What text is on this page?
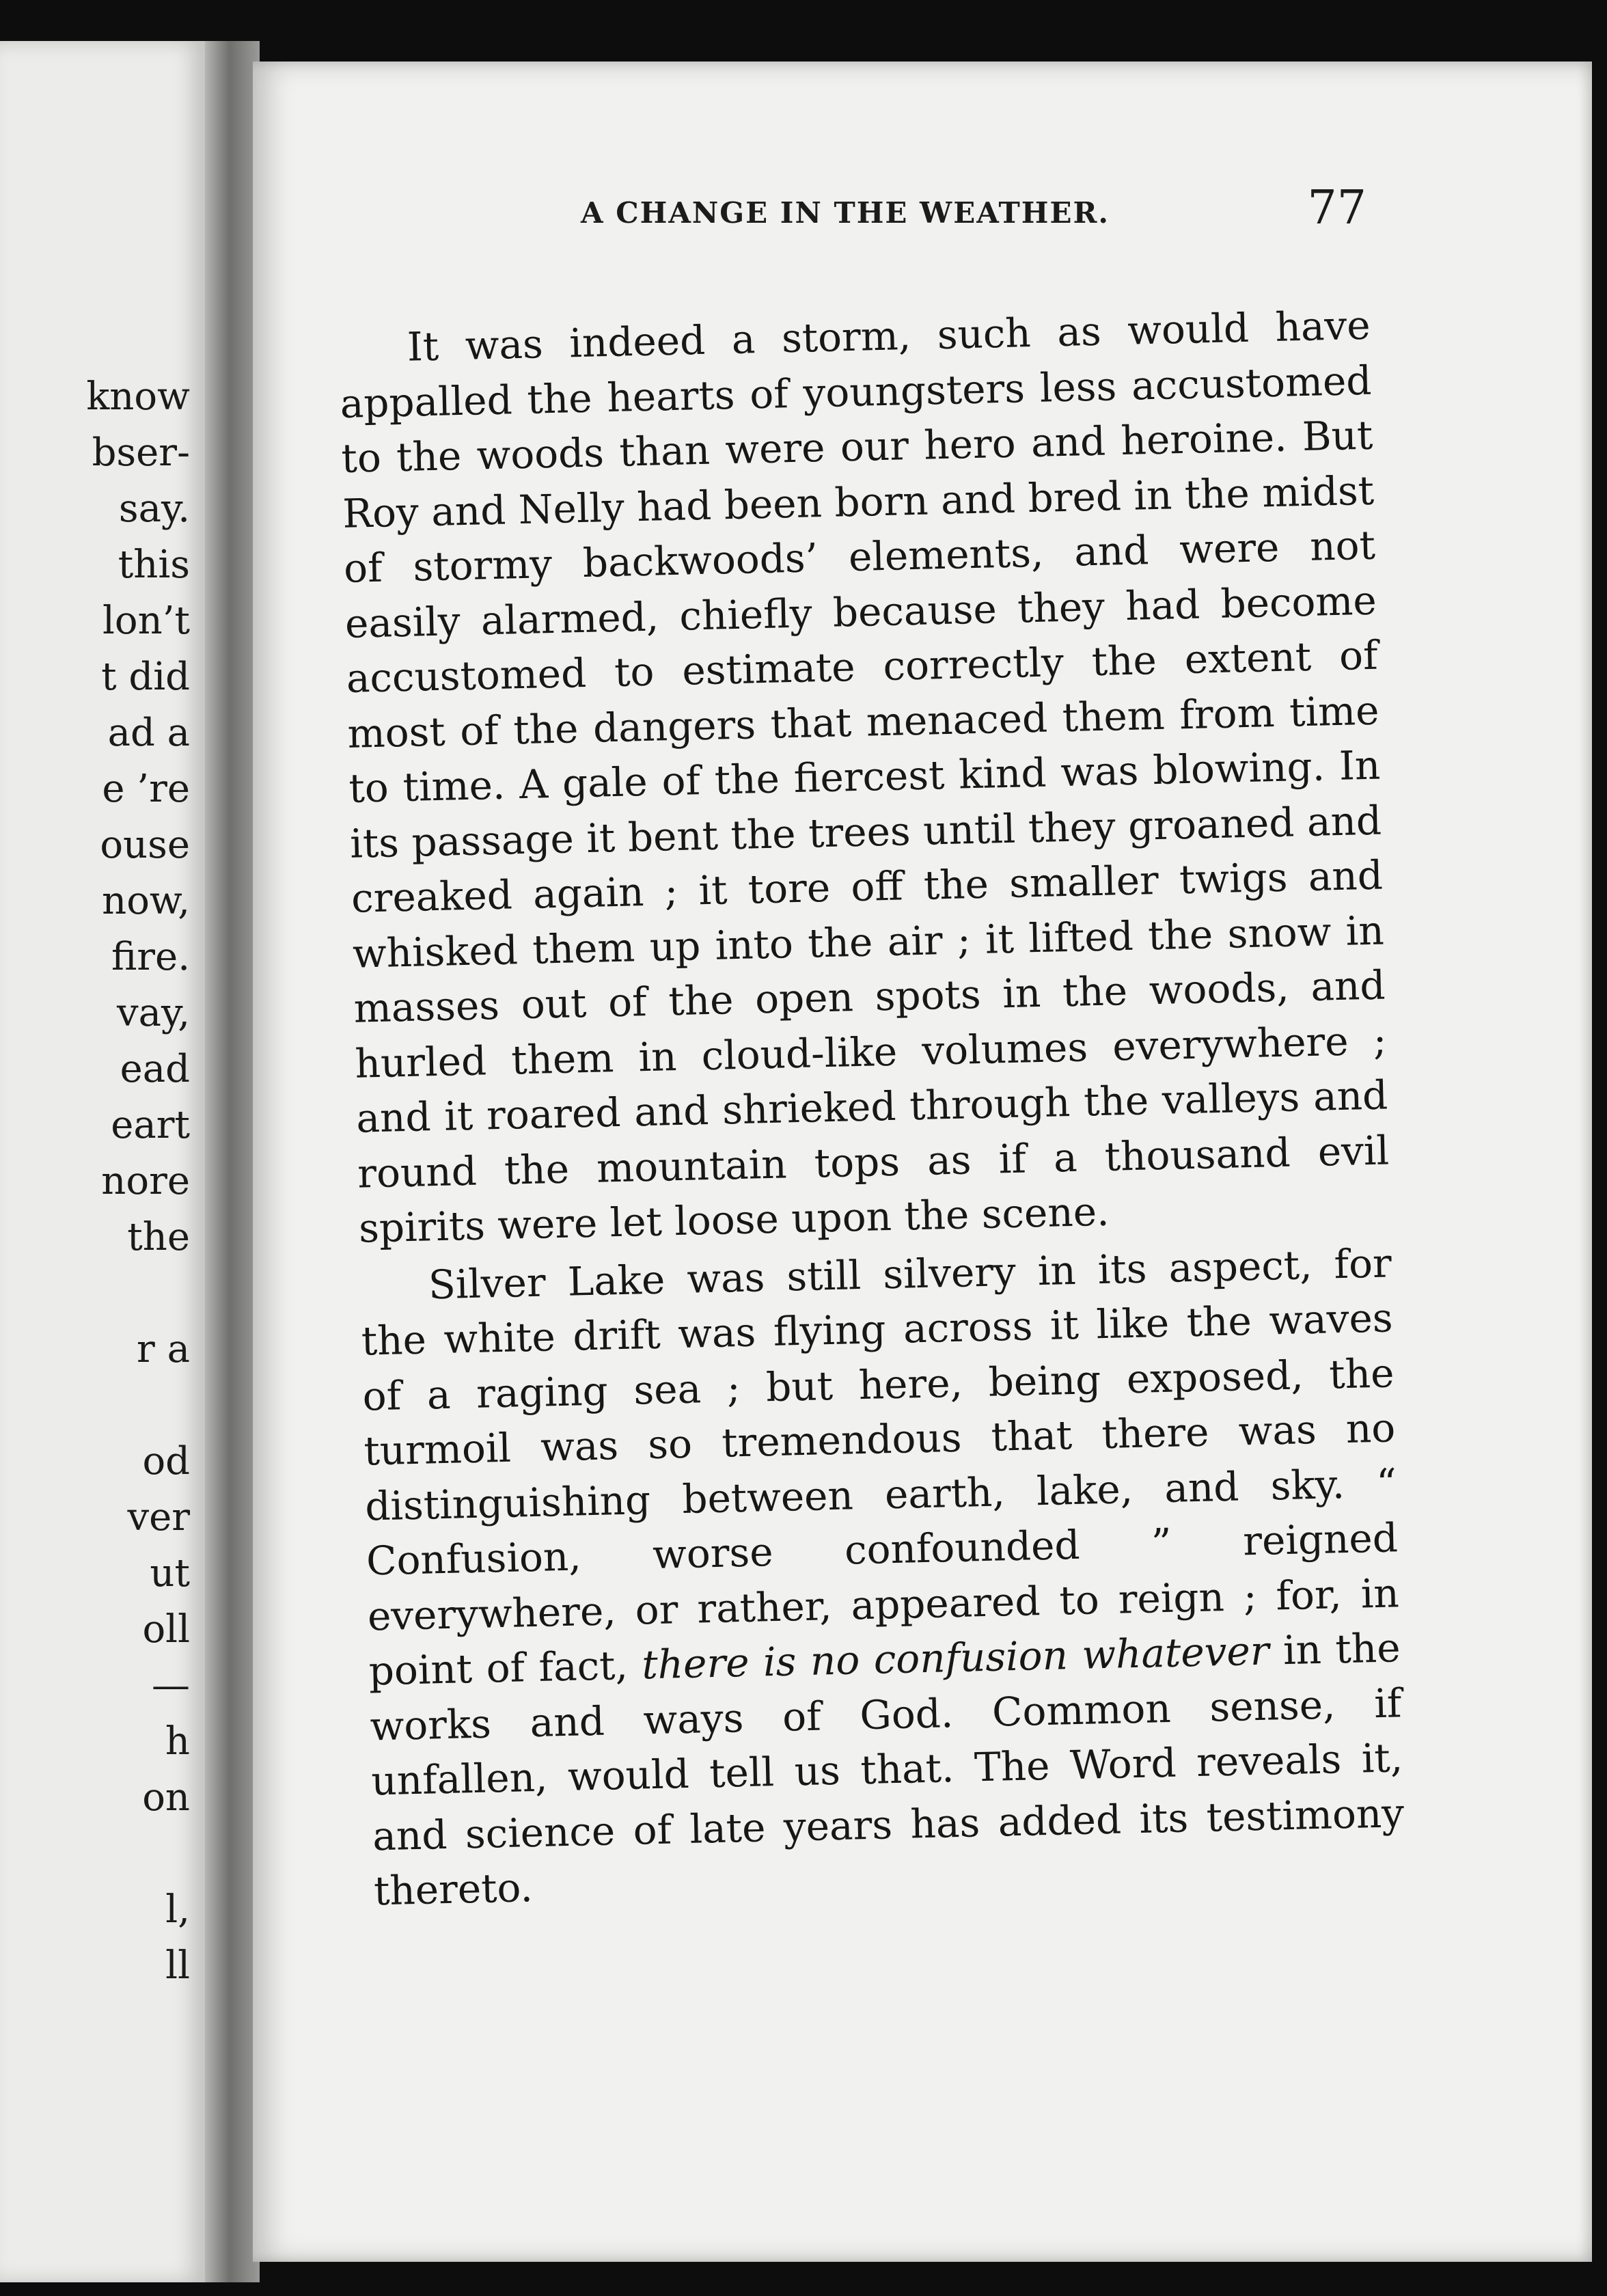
know
bser-
say.
this
lon’t
t did
ad a
e ’re
ouse
now,
fire.
vay,
ead
eart
nore
the

r a

od
ver
ut
oll
—
h
on

l,
ll
A CHANGE IN THE WEATHER.	77

It was indeed a storm, such as would have appalled the hearts of youngsters less accustomed to the woods than were our hero and heroine. But Roy and Nelly had been born and bred in the midst of stormy backwoods’ elements, and were not easily alarmed, chiefly because they had become accustomed to estimate correctly the extent of most of the dangers that menaced them from time to time. A gale of the fiercest kind was blowing. In its passage it bent the trees until they groaned and creaked again ; it tore off the smaller twigs and whisked them up into the air ; it lifted the snow in masses out of the open spots in the woods, and hurled them in cloud-like volumes everywhere ; and it roared and shrieked through the valleys and round the mountain tops as if a thousand evil spirits were let loose upon the scene.

Silver Lake was still silvery in its aspect, for the white drift was flying across it like the waves of a raging sea ; but here, being exposed, the turmoil was so tremendous that there was no distinguishing between earth, lake, and sky. “ Confusion, worse confounded ” reigned everywhere, or rather, appeared to reign ; for, in point of fact, there is no confusion whatever in the works and ways of God. Common sense, if unfallen, would tell us that. The Word reveals it, and science of late years has added its testimony thereto.
